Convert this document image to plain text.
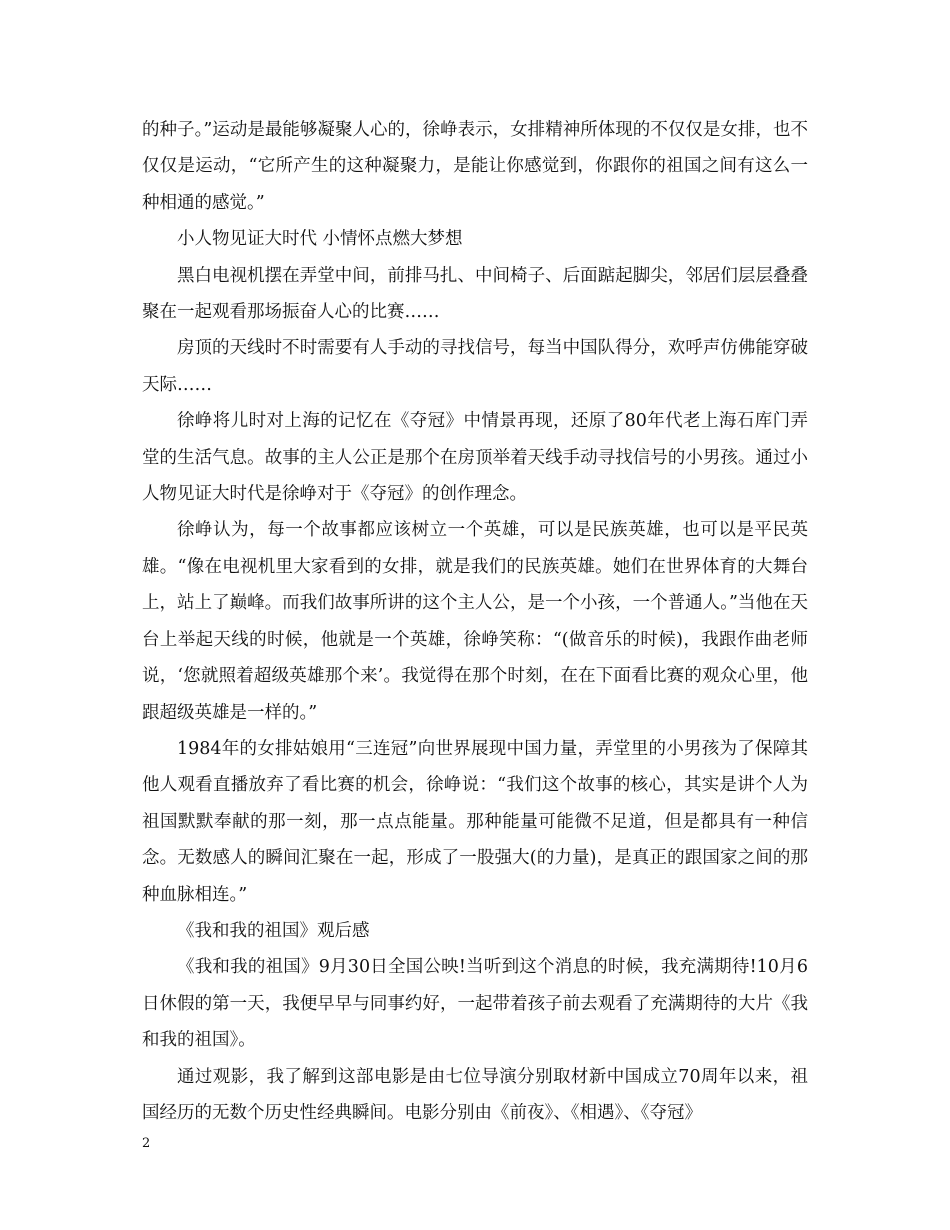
的种子。”运动是最能够凝聚人心的，徐峥表示，女排精神所体现的不仅仅是女排，也不仅仅是运动，“它所产生的这种凝聚力，是能让你感觉到，你跟你的祖国之间有这么一种相通的感觉。”

小人物见证大时代 小情怀点燃大梦想

黑白电视机摆在弄堂中间，前排马扎、中间椅子、后面踮起脚尖，邻居们层层叠叠聚在一起观看那场振奋人心的比赛……

房顶的天线时不时需要有人手动的寻找信号，每当中国队得分，欢呼声仿佛能穿破天际……

徐峥将儿时对上海的记忆在《夺冠》中情景再现，还原了80年代老上海石库门弄堂的生活气息。故事的主人公正是那个在房顶举着天线手动寻找信号的小男孩。通过小人物见证大时代是徐峥对于《夺冠》的创作理念。

徐峥认为，每一个故事都应该树立一个英雄，可以是民族英雄，也可以是平民英雄。“像在电视机里大家看到的女排，就是我们的民族英雄。她们在世界体育的大舞台上，站上了巅峰。而我们故事所讲的这个主人公，是一个小孩，一个普通人。”当他在天台上举起天线的时候，他就是一个英雄，徐峥笑称：“(做音乐的时候)，我跟作曲老师说，‘您就照着超级英雄那个来’。我觉得在那个时刻，在在下面看比赛的观众心里，他跟超级英雄是一样的。”

1984年的女排姑娘用“三连冠”向世界展现中国力量，弄堂里的小男孩为了保障其他人观看直播放弃了看比赛的机会，徐峥说：“我们这个故事的核心，其实是讲个人为祖国默默奉献的那一刻，那一点点能量。那种能量可能微不足道，但是都具有一种信念。无数感人的瞬间汇聚在一起，形成了一股强大(的力量)，是真正的跟国家之间的那种血脉相连。”

《我和我的祖国》观后感

《我和我的祖国》9月30日全国公映!当听到这个消息的时候，我充满期待!10月6日休假的第一天，我便早早与同事约好，一起带着孩子前去观看了充满期待的大片《我和我的祖国》。

通过观影，我了解到这部电影是由七位导演分别取材新中国成立70周年以来，祖国经历的无数个历史性经典瞬间。电影分别由《前夜》、《相遇》、《夺冠》

2
